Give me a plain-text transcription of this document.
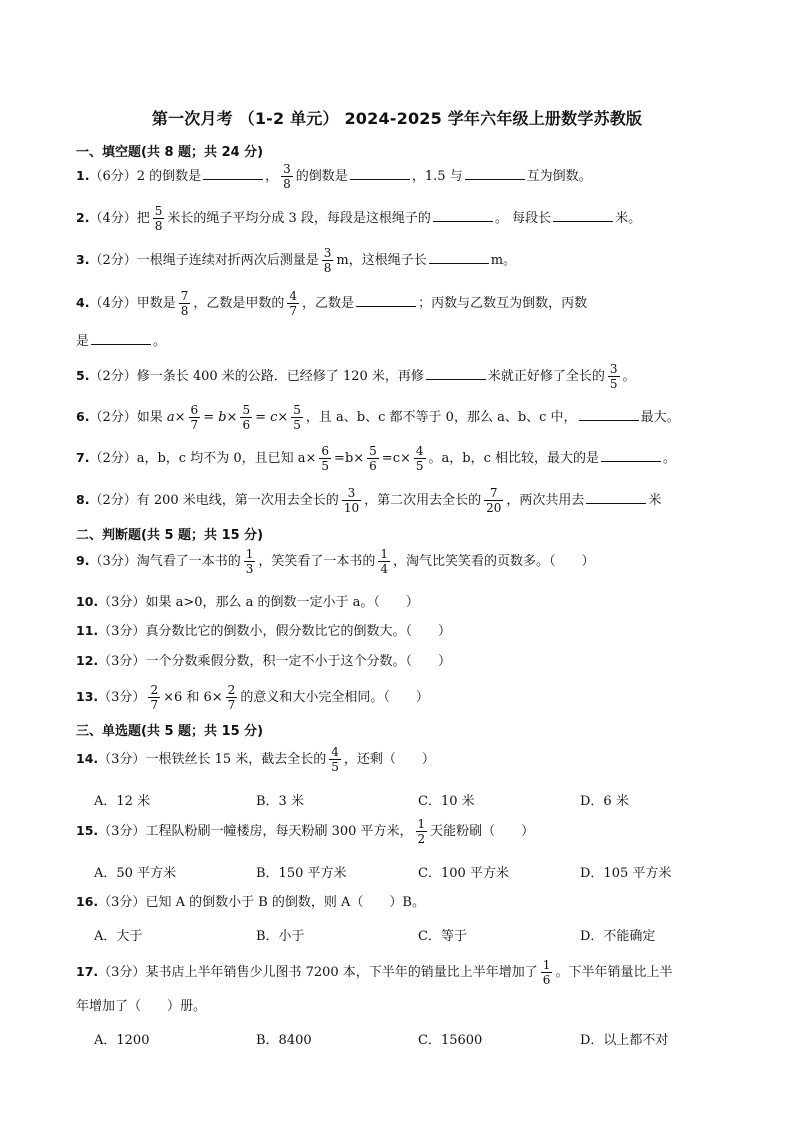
第一次月考 （1-2 单元） 2024-2025 学年六年级上册数学苏教版
一、填空题(共 8 题；共 24 分)
1.（6分）2 的倒数是	， $\frac{3}{8}$ 的倒数是	，1.5 与	互为倒数。
2.（4分）把 $\frac{5}{8}$ 米长的绳子平均分成 3 段，每段是这根绳子的	。 每段长	米。
3.（2分）一根绳子连续对折两次后测量是 $\frac{3}{8}$ m，这根绳子长	m。
4.（4分）甲数是 $\frac{7}{8}$ ，乙数是甲数的 $\frac{4}{7}$ ，乙数是	；丙数与乙数互为倒数，丙数
是	。
5.（2分）修一条长 400 米的公路．已经修了 120 米，再修	米就正好修了全长的 $\frac{3}{5}$ 。
6.（2分）如果 $a\times \frac{6}{7} = b\times \frac{5}{6} = c\times \frac{5}{5}$ ，且 a、b、c 都不等于 0，那么 a、b、c 中，	最大。
7.（2分）a，b，c 均不为 0，且已知 $a\times \frac{6}{5} =b\times \frac{5}{6} =c\times \frac{4}{5}$ 。a，b，c 相比较，最大的是	。
8.（2分）有 200 米电线，第一次用去全长的 $\frac{3}{10}$ ，第二次用去全长的 $\frac{7}{20}$ ，两次共用去	米
二、判断题(共 5 题；共 15 分)
9.（3分）淘气看了一本书的 $\frac{1}{3}$ ，笑笑看了一本书的 $\frac{1}{4}$ ，淘气比笑笑看的页数多。（　　）
10.（3分）如果 a>0，那么 a 的倒数一定小于 a。（　　）
11.（3分）真分数比它的倒数小，假分数比它的倒数大。（　　）
12.（3分）一个分数乘假分数，积一定不小于这个分数。（　　）
13.（3分） $\frac{2}{7} \times 6$ 和 $6\times \frac{2}{7}$ 的意义和大小完全相同。（　　）
三、单选题(共 5 题；共 15 分)
14.（3分）一根铁丝长 15 米，截去全长的 $\frac{4}{5}$ ，还剩（　　）
A．12 米	B．3 米	C．10 米	D．6 米
15.（3分）工程队粉刷一幢楼房，每天粉刷 300 平方米， $\frac{1}{2}$ 天能粉刷（　　）
A．50 平方米	B．150 平方米	C．100 平方米	D．105 平方米
16.（3分）已知 A 的倒数小于 B 的倒数，则 A（　　）B。
A．大于	B．小于	C．等于	D．不能确定
17.（3分）某书店上半年销售少儿图书 7200 本，下半年的销量比上半年增加了 $\frac{1}{6}$ 。下半年销量比上半
年增加了（　　）册。
A．1200	B．8400	C．15600	D．以上都不对
